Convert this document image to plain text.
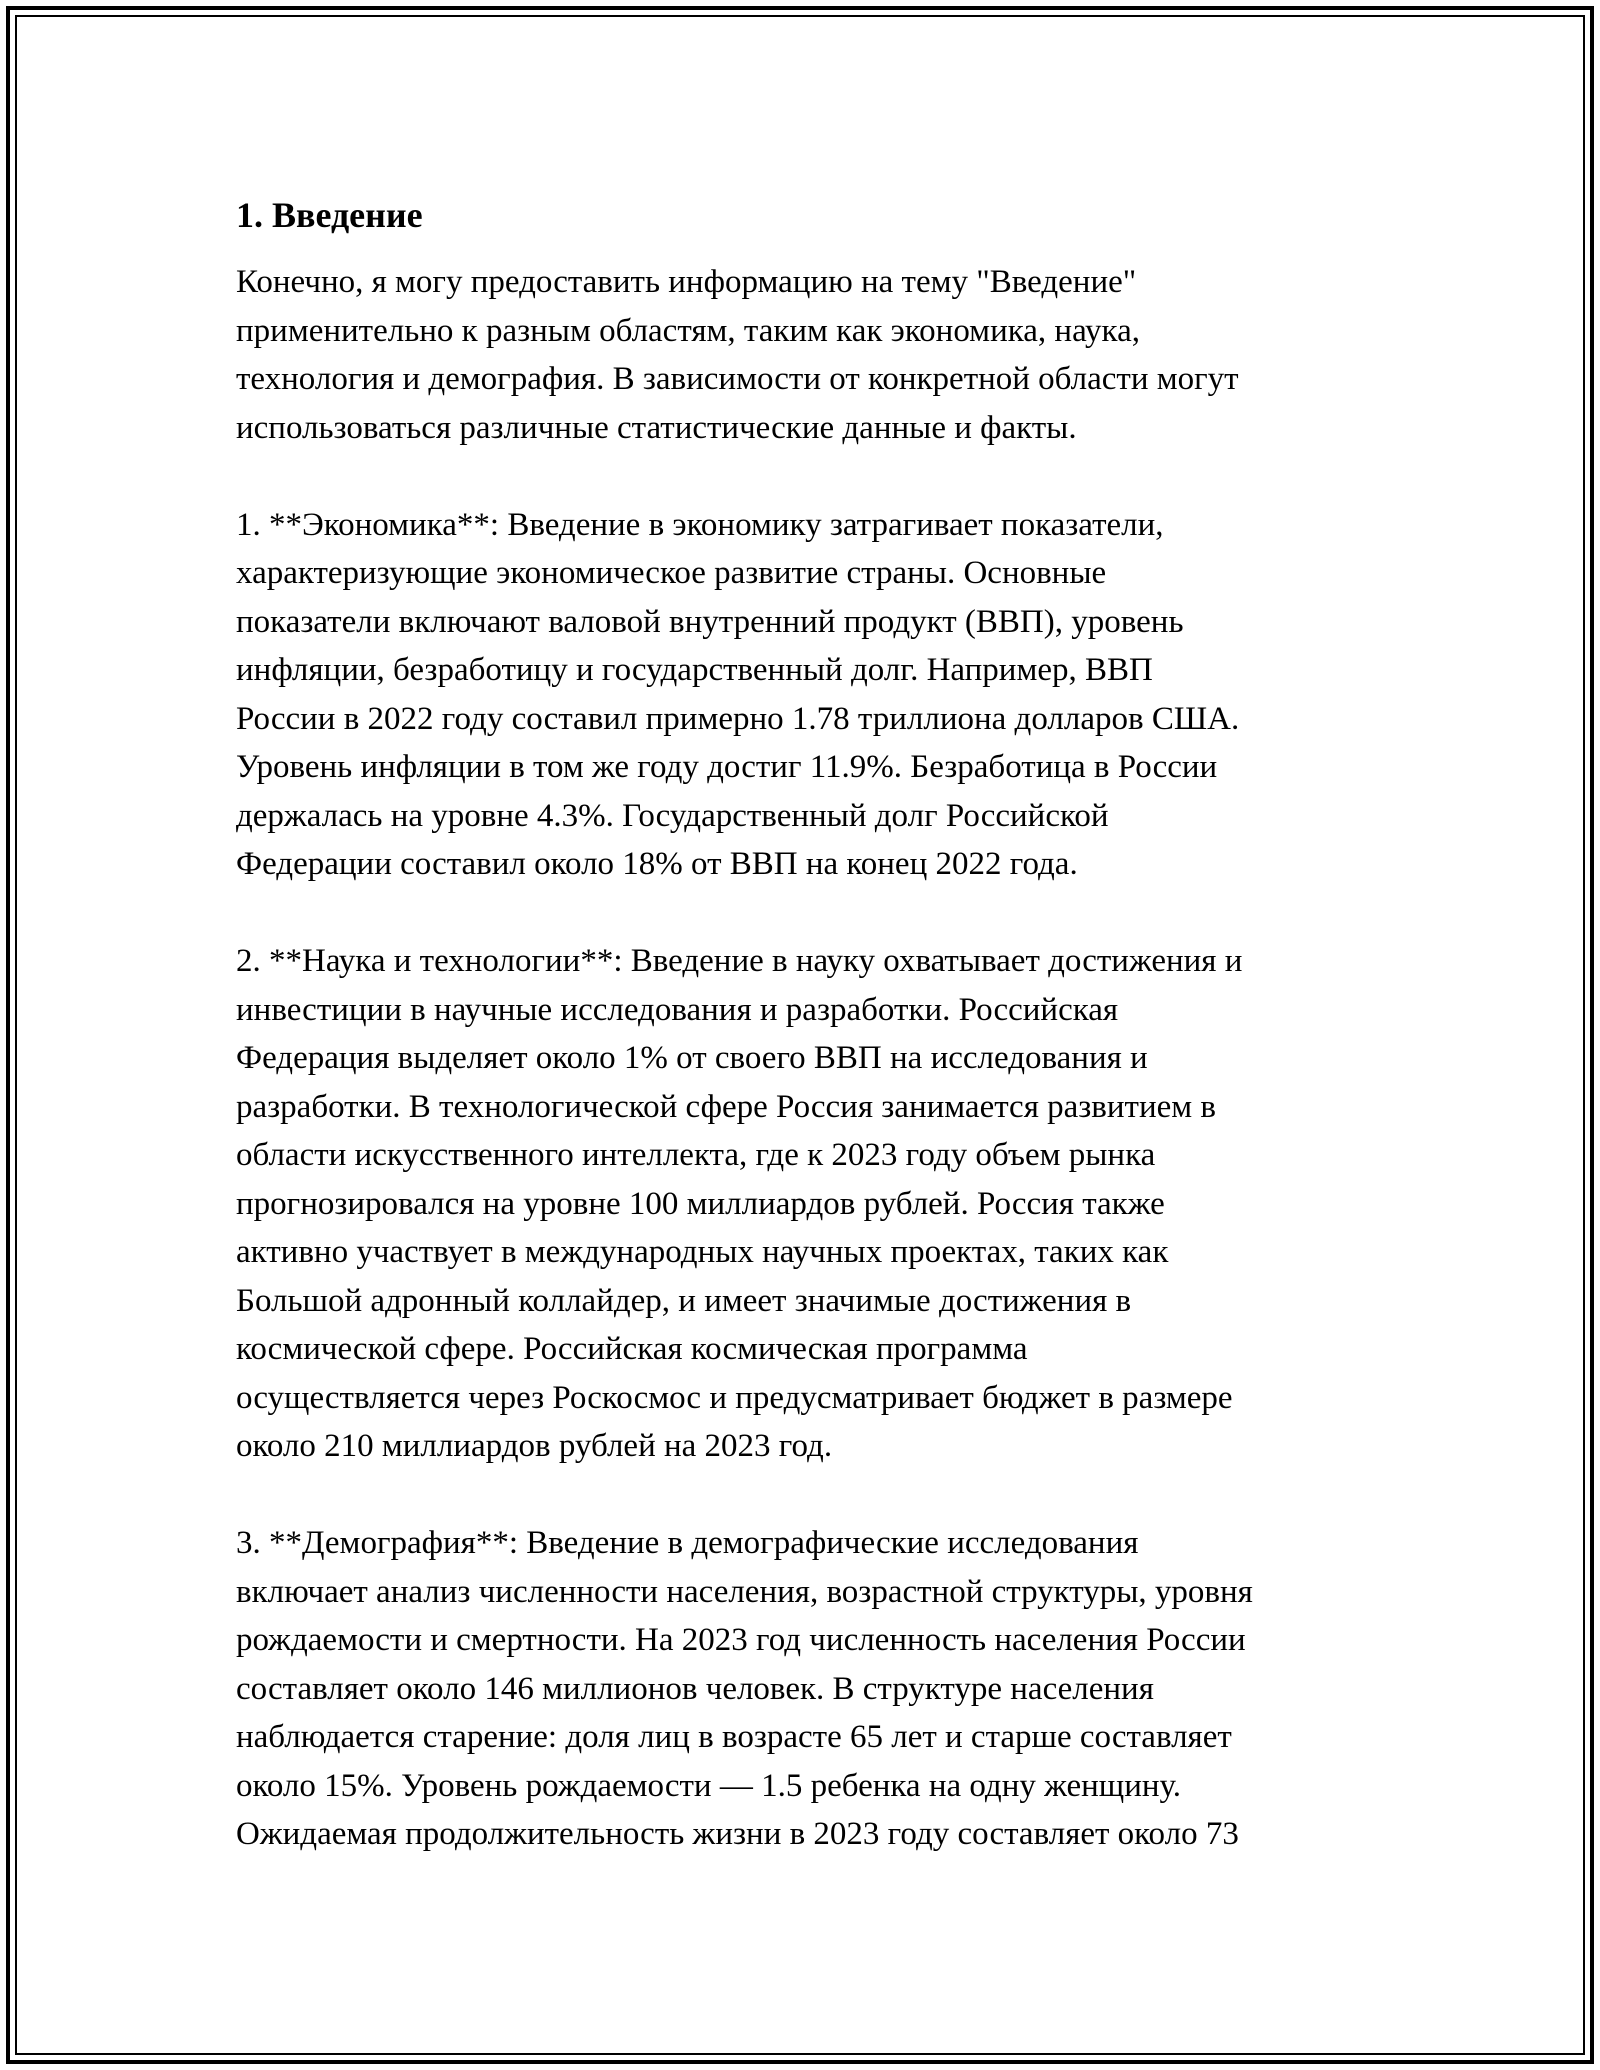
1. Введение

Конечно, я могу предоставить информацию на тему "Введение"
применительно к разным областям, таким как экономика, наука,
технология и демография. В зависимости от конкретной области могут
использоваться различные статистические данные и факты.

1. **Экономика**: Введение в экономику затрагивает показатели,
характеризующие экономическое развитие страны. Основные
показатели включают валовой внутренний продукт (ВВП), уровень
инфляции, безработицу и государственный долг. Например, ВВП
России в 2022 году составил примерно 1.78 триллиона долларов США.
Уровень инфляции в том же году достиг 11.9%. Безработица в России
держалась на уровне 4.3%. Государственный долг Российской
Федерации составил около 18% от ВВП на конец 2022 года.

2. **Наука и технологии**: Введение в науку охватывает достижения и
инвестиции в научные исследования и разработки. Российская
Федерация выделяет около 1% от своего ВВП на исследования и
разработки. В технологической сфере Россия занимается развитием в
области искусственного интеллекта, где к 2023 году объем рынка
прогнозировался на уровне 100 миллиардов рублей. Россия также
активно участвует в международных научных проектах, таких как
Большой адронный коллайдер, и имеет значимые достижения в
космической сфере. Российская космическая программа
осуществляется через Роскосмос и предусматривает бюджет в размере
около 210 миллиардов рублей на 2023 год.

3. **Демография**: Введение в демографические исследования
включает анализ численности населения, возрастной структуры, уровня
рождаемости и смертности. На 2023 год численность населения России
составляет около 146 миллионов человек. В структуре населения
наблюдается старение: доля лиц в возрасте 65 лет и старше составляет
около 15%. Уровень рождаемости — 1.5 ребенка на одну женщину.
Ожидаемая продолжительность жизни в 2023 году составляет около 73
